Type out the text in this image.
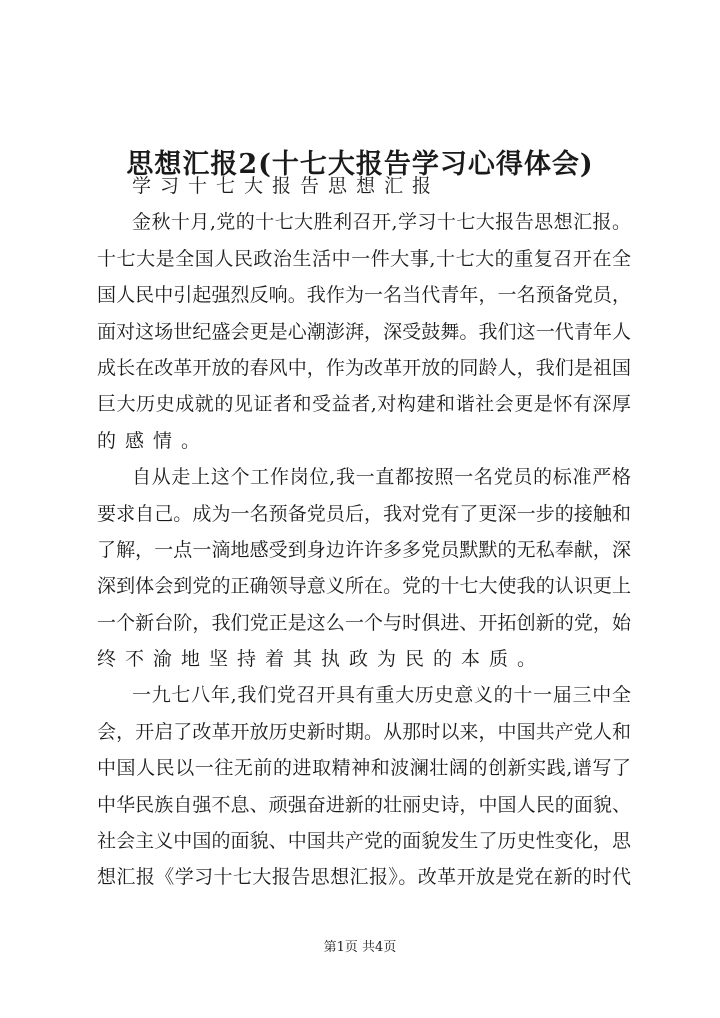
思想汇报2(十七大报告学习心得体会)
学习十七大报告思想汇报
金秋十月,党的十七大胜利召开,学习十七大报告思想汇报。
十七大是全国人民政治生活中一件大事,十七大的重复召开在全
国人民中引起强烈反响。我作为一名当代青年，一名预备党员，
面对这场世纪盛会更是心潮澎湃，深受鼓舞。我们这一代青年人
成长在改革开放的春风中，作为改革开放的同龄人，我们是祖国
巨大历史成就的见证者和受益者,对构建和谐社会更是怀有深厚
的感情。
自从走上这个工作岗位,我一直都按照一名党员的标准严格
要求自己。成为一名预备党员后，我对党有了更深一步的接触和
了解，一点一滴地感受到身边许许多多党员默默的无私奉献，深
深到体会到党的正确领导意义所在。党的十七大使我的认识更上
一个新台阶，我们党正是这么一个与时俱进、开拓创新的党，始
终不渝地坚持着其执政为民的本质。
一九七八年,我们党召开具有重大历史意义的十一届三中全
会，开启了改革开放历史新时期。从那时以来，中国共产党人和
中国人民以一往无前的进取精神和波澜壮阔的创新实践,谱写了
中华民族自强不息、顽强奋进新的壮丽史诗，中国人民的面貌、
社会主义中国的面貌、中国共产党的面貌发生了历史性变化，思
想汇报《学习十七大报告思想汇报》。改革开放是党在新的时代
第1页 共4页
